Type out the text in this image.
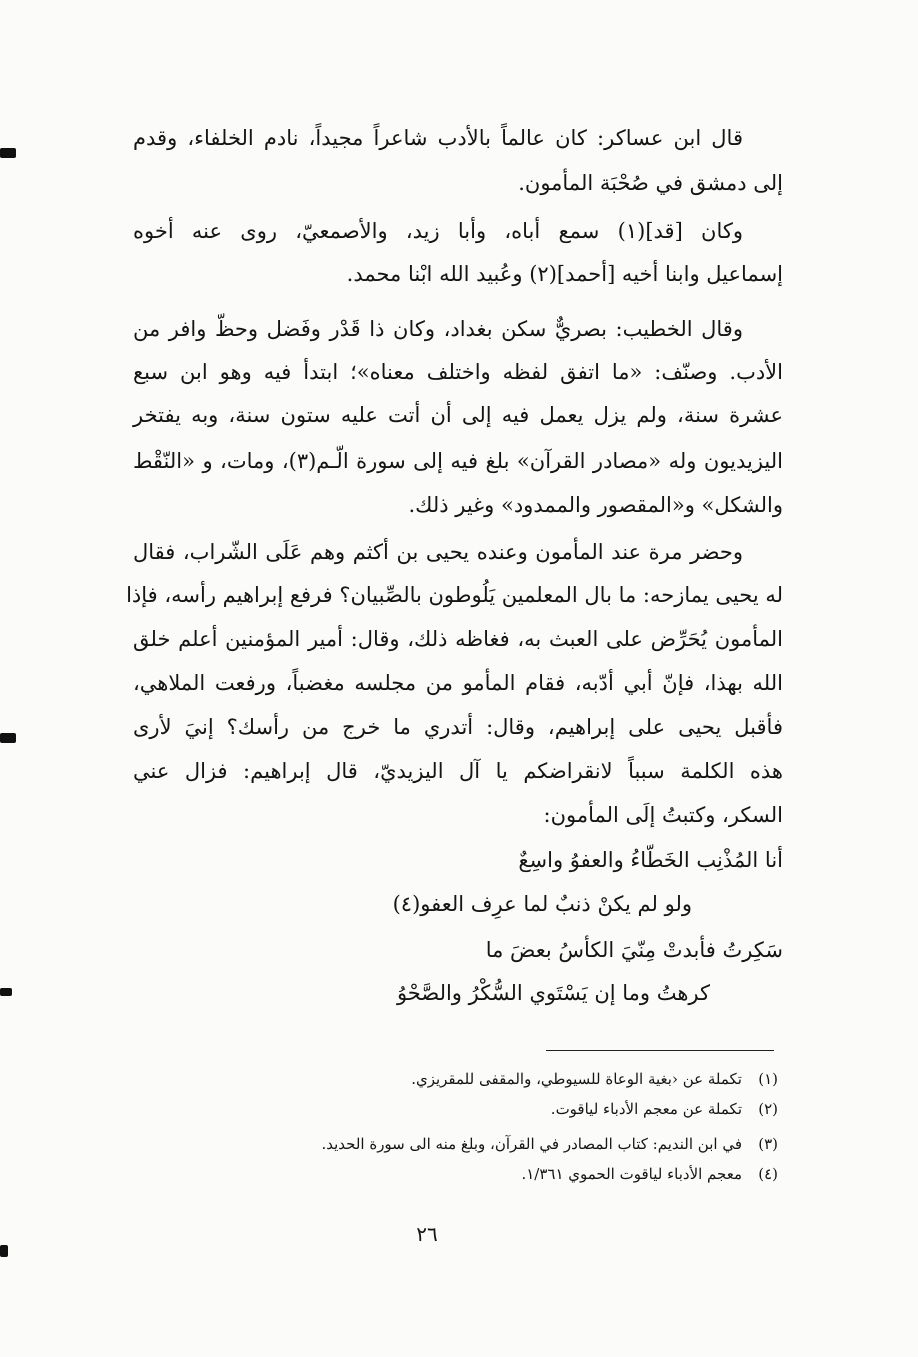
قال ابن عساكر: كان عالماً بالأدب شاعراً مجيداً، نادم الخلفاء، وقدم
إلى دمشق في صُحْبَة المأمون.
وكان [قد](١) سمع أباه، وأبا زيد، والأصمعيّ، روى عنه أخوه
إسماعيل وابنا أخيه [أحمد](٢) وعُبيد الله ابْنا محمد.
وقال الخطيب: بصريٌّ سكن بغداد، وكان ذا قَدْر وفَضل وحظّ وافر من
الأدب. وصنّف: «ما اتفق لفظه واختلف معناه»؛ ابتدأ فيه وهو ابن سبع
عشرة سنة، ولم يزل يعمل فيه إلى أن أتت عليه ستون سنة، وبه يفتخر
اليزيديون وله «مصادر القرآن» بلغ فيه إلى سورة الّـم(٣)، ومات، و «النّقْط
والشكل» و«المقصور والممدود» وغير ذلك.
وحضر مرة عند المأمون وعنده يحيى بن أكثم وهم عَلَى الشّراب، فقال
له يحيى يمازحه: ما بال المعلمين يَلُوطون بالصِّبيان؟ فرفع إبراهيم رأسه، فإذا
المأمون يُحَرِّض على العبث به، فغاظه ذلك، وقال: أمير المؤمنين أعلم خلق
الله بهذا، فإنّ أبي أدّبه، فقام المأمو من مجلسه مغضباً، ورفعت الملاهي،
فأقبل يحيى على إبراهيم، وقال: أتدري ما خرج من رأسك؟ إنيَ لأرى
هذه الكلمة سبباً لانقراضكم يا آل اليزيديّ، قال إبراهيم: فزال عني
السكر، وكتبتُ إلَى المأمون:
أنا المُذْنِب الخَطّاءُ والعفوُ واسِعٌ
ولو لم يكنْ ذنبٌ لما عرِف العفو(٤)
سَكِرتُ فأبدتْ مِنّيَ الكأسُ بعضَ ما
كرهتُ وما إن يَسْتَوي السُّكْرُ والصَّحْوُ
(١)تكملة عن ‹بغية الوعاة للسيوطي، والمقفى للمقريزي.
(٢)تكملة عن معجم الأدباء لياقوت.
(٣)في ابن النديم: كتاب المصادر في القرآن، وبلغ منه الى سورة الحديد.
(٤)معجم الأدباء لياقوت الحموي ١/٣٦١.
٢٦
